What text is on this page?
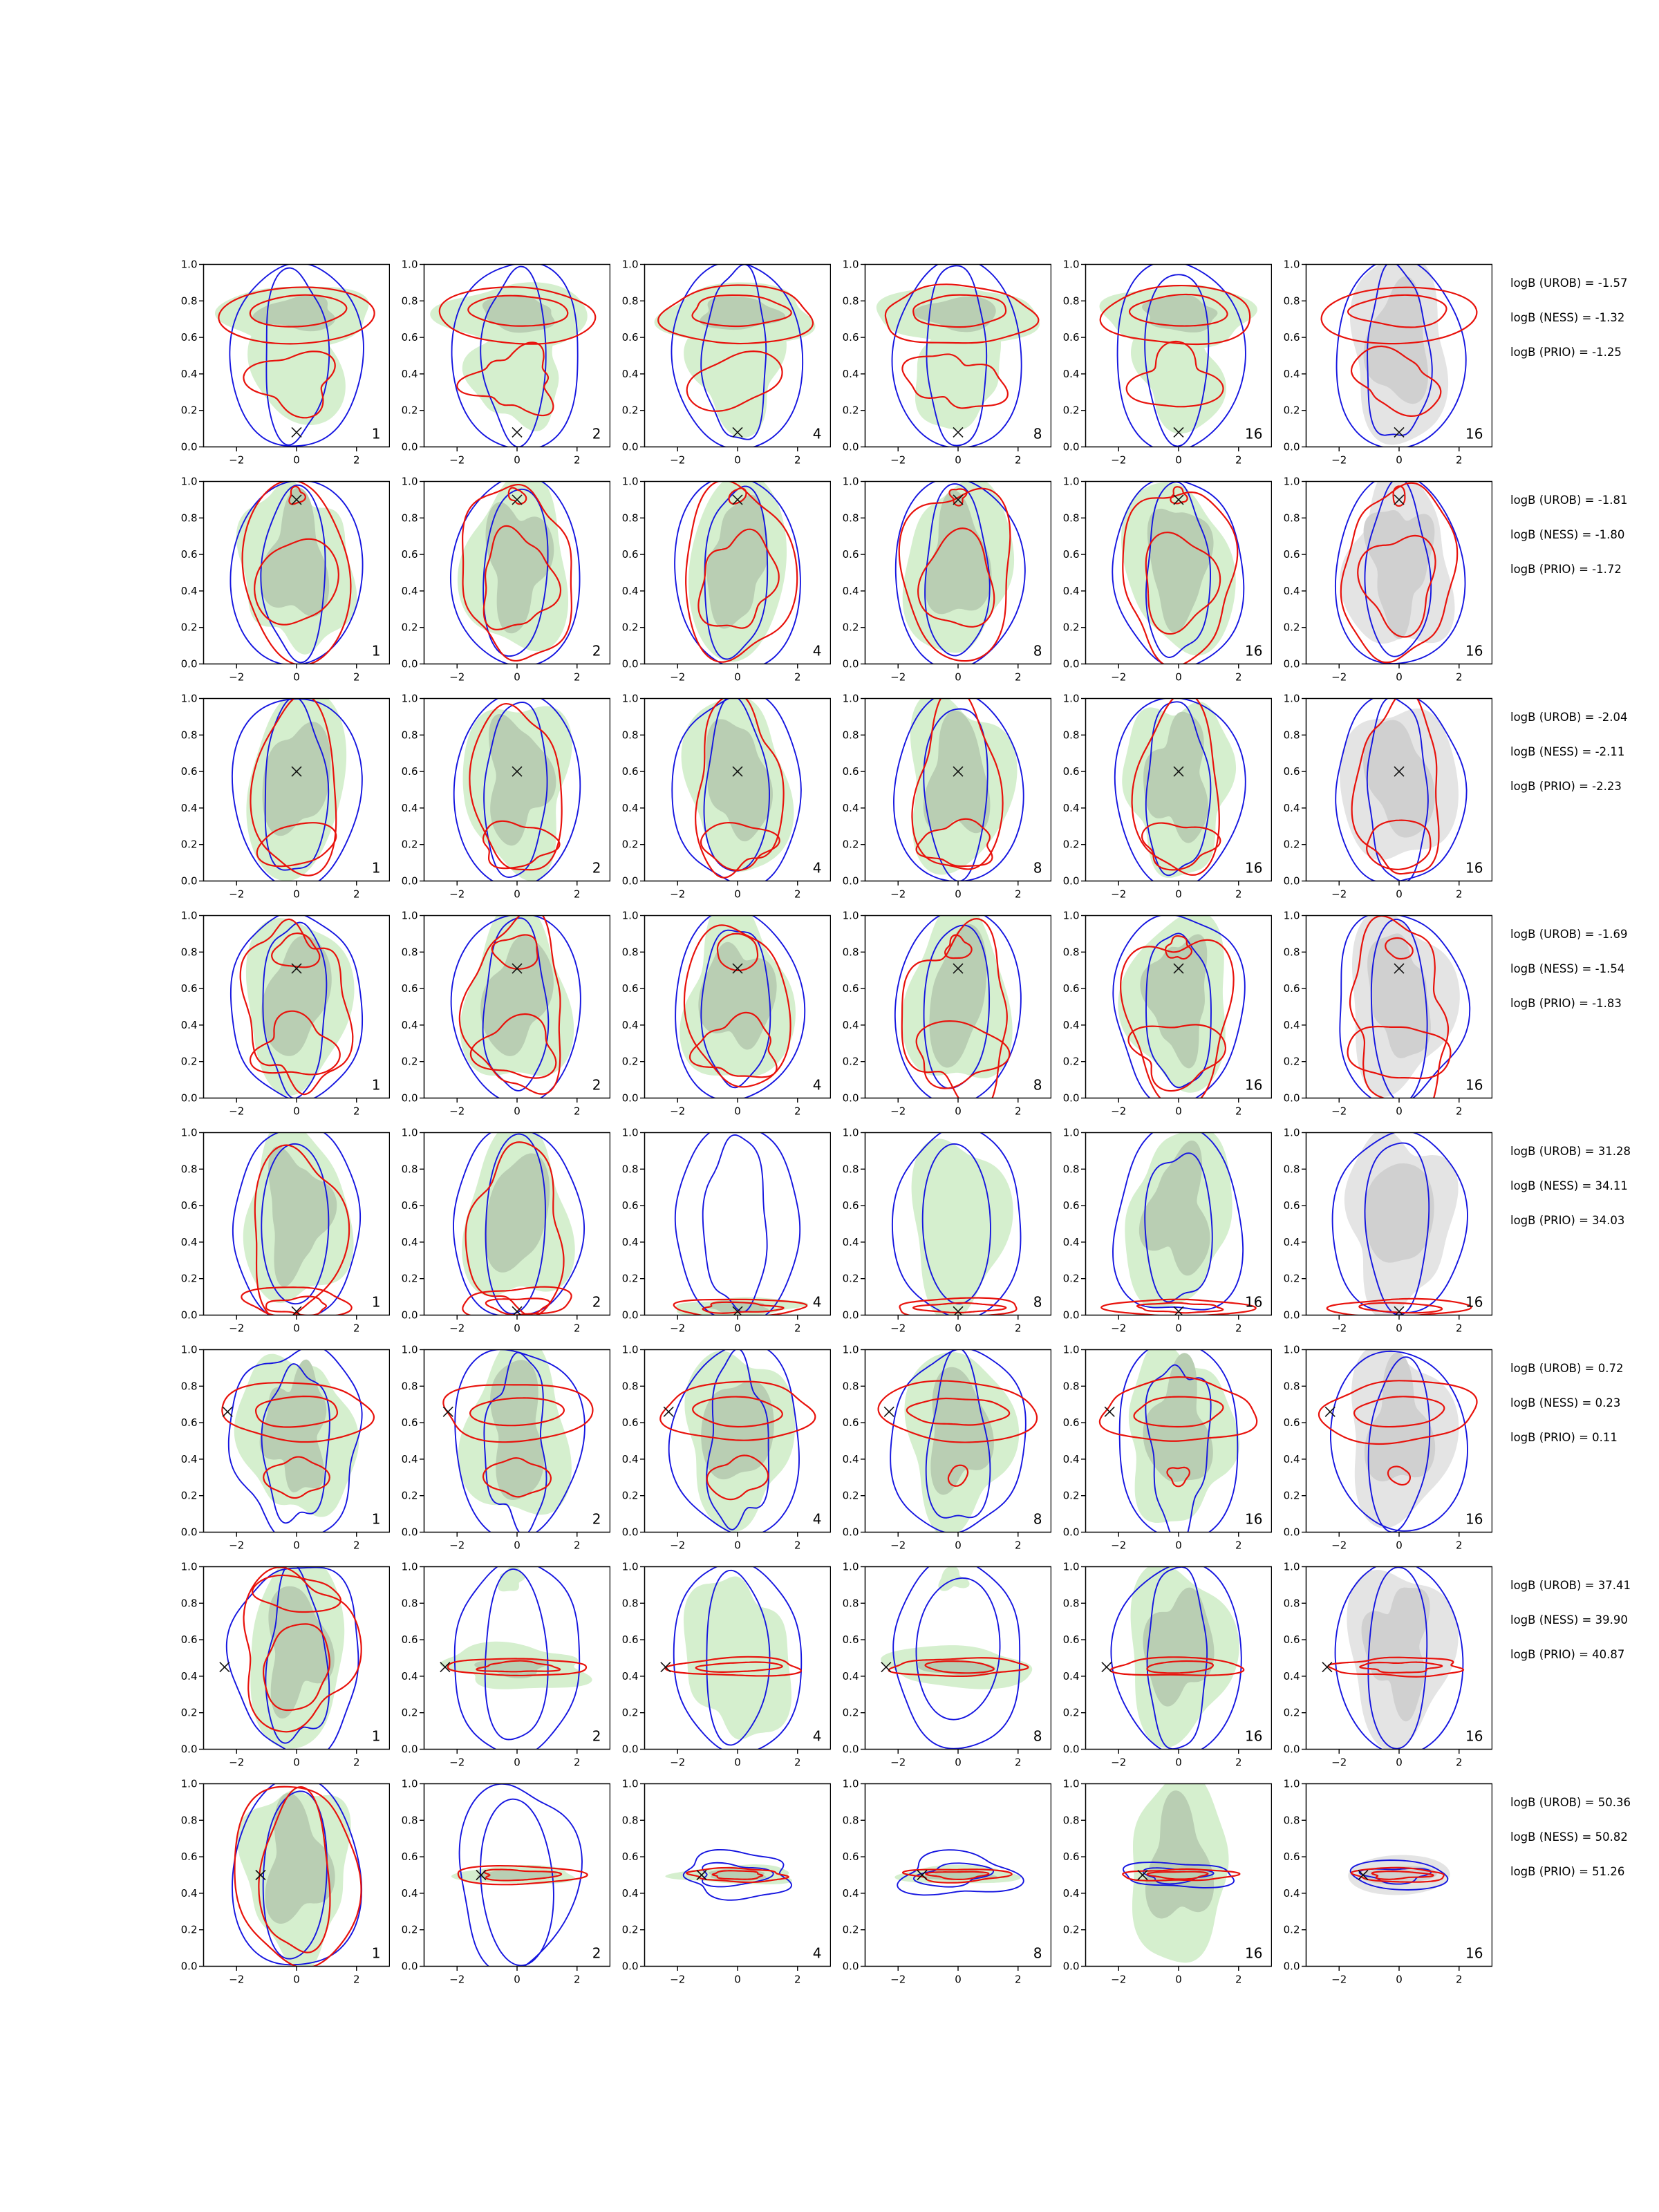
0.0
0.2
0.4
0.6
0.8
1.0
−2	0	2
1
0.0
0.2
0.4
0.6
0.8
1.0
−2	0	2
2
0.0
0.2
0.4
0.6
0.8
1.0
−2	0	2
4
0.0
0.2
0.4
0.6
0.8
1.0
−2	0	2
8
0.0
0.2
0.4
0.6
0.8
1.0
−2	0	2
16
0.0
0.2
0.4
0.6
0.8
1.0
−2	0	2
16
logB (UROB) = -1.57
logB (NESS) = -1.32
logB (PRIO) = -1.25
0.0
0.2
0.4
0.6
0.8
1.0
−2	0	2
1
0.0
0.2
0.4
0.6
0.8
1.0
−2	0	2
2
0.0
0.2
0.4
0.6
0.8
1.0
−2	0	2
4
0.0
0.2
0.4
0.6
0.8
1.0
−2	0	2
8
0.0
0.2
0.4
0.6
0.8
1.0
−2	0	2
16
0.0
0.2
0.4
0.6
0.8
1.0
−2	0	2
16
logB (UROB) = -1.81
logB (NESS) = -1.80
logB (PRIO) = -1.72
0.0
0.2
0.4
0.6
0.8
1.0
−2	0	2
1
0.0
0.2
0.4
0.6
0.8
1.0
−2	0	2
2
0.0
0.2
0.4
0.6
0.8
1.0
−2	0	2
4
0.0
0.2
0.4
0.6
0.8
1.0
−2	0	2
8
0.0
0.2
0.4
0.6
0.8
1.0
−2	0	2
16
0.0
0.2
0.4
0.6
0.8
1.0
−2	0	2
16
logB (UROB) = -2.04
logB (NESS) = -2.11
logB (PRIO) = -2.23
0.0
0.2
0.4
0.6
0.8
1.0
−2	0	2
1
0.0
0.2
0.4
0.6
0.8
1.0
−2	0	2
2
0.0
0.2
0.4
0.6
0.8
1.0
−2	0	2
4
0.0
0.2
0.4
0.6
0.8
1.0
−2	0	2
8
0.0
0.2
0.4
0.6
0.8
1.0
−2	0	2
16
0.0
0.2
0.4
0.6
0.8
1.0
−2	0	2
16
logB (UROB) = -1.69
logB (NESS) = -1.54
logB (PRIO) = -1.83
0.0
0.2
0.4
0.6
0.8
1.0
−2	0	2
1
0.0
0.2
0.4
0.6
0.8
1.0
−2	0	2
2
0.0
0.2
0.4
0.6
0.8
1.0
−2	0	2
4
0.0
0.2
0.4
0.6
0.8
1.0
−2	0	2
8
0.0
0.2
0.4
0.6
0.8
1.0
−2	0	2
16
0.0
0.2
0.4
0.6
0.8
1.0
−2	0	2
16
logB (UROB) = 31.28
logB (NESS) = 34.11
logB (PRIO) = 34.03
0.0
0.2
0.4
0.6
0.8
1.0
−2	0	2
1
0.0
0.2
0.4
0.6
0.8
1.0
−2	0	2
2
0.0
0.2
0.4
0.6
0.8
1.0
−2	0	2
4
0.0
0.2
0.4
0.6
0.8
1.0
−2	0	2
8
0.0
0.2
0.4
0.6
0.8
1.0
−2	0	2
16
0.0
0.2
0.4
0.6
0.8
1.0
−2	0	2
16
logB (UROB) = 0.72
logB (NESS) = 0.23
logB (PRIO) = 0.11
0.0
0.2
0.4
0.6
0.8
1.0
−2	0	2
1
0.0
0.2
0.4
0.6
0.8
1.0
−2	0	2
2
0.0
0.2
0.4
0.6
0.8
1.0
−2	0	2
4
0.0
0.2
0.4
0.6
0.8
1.0
−2	0	2
8
0.0
0.2
0.4
0.6
0.8
1.0
−2	0	2
16
0.0
0.2
0.4
0.6
0.8
1.0
−2	0	2
16
logB (UROB) = 37.41
logB (NESS) = 39.90
logB (PRIO) = 40.87
0.0
0.2
0.4
0.6
0.8
1.0
−2	0	2
1
0.0
0.2
0.4
0.6
0.8
1.0
−2	0	2
2
0.0
0.2
0.4
0.6
0.8
1.0
−2	0	2
4
0.0
0.2
0.4
0.6
0.8
1.0
−2	0	2
8
0.0
0.2
0.4
0.6
0.8
1.0
−2	0	2
16
0.0
0.2
0.4
0.6
0.8
1.0
−2	0	2
16
logB (UROB) = 50.36
logB (NESS) = 50.82
logB (PRIO) = 51.26
